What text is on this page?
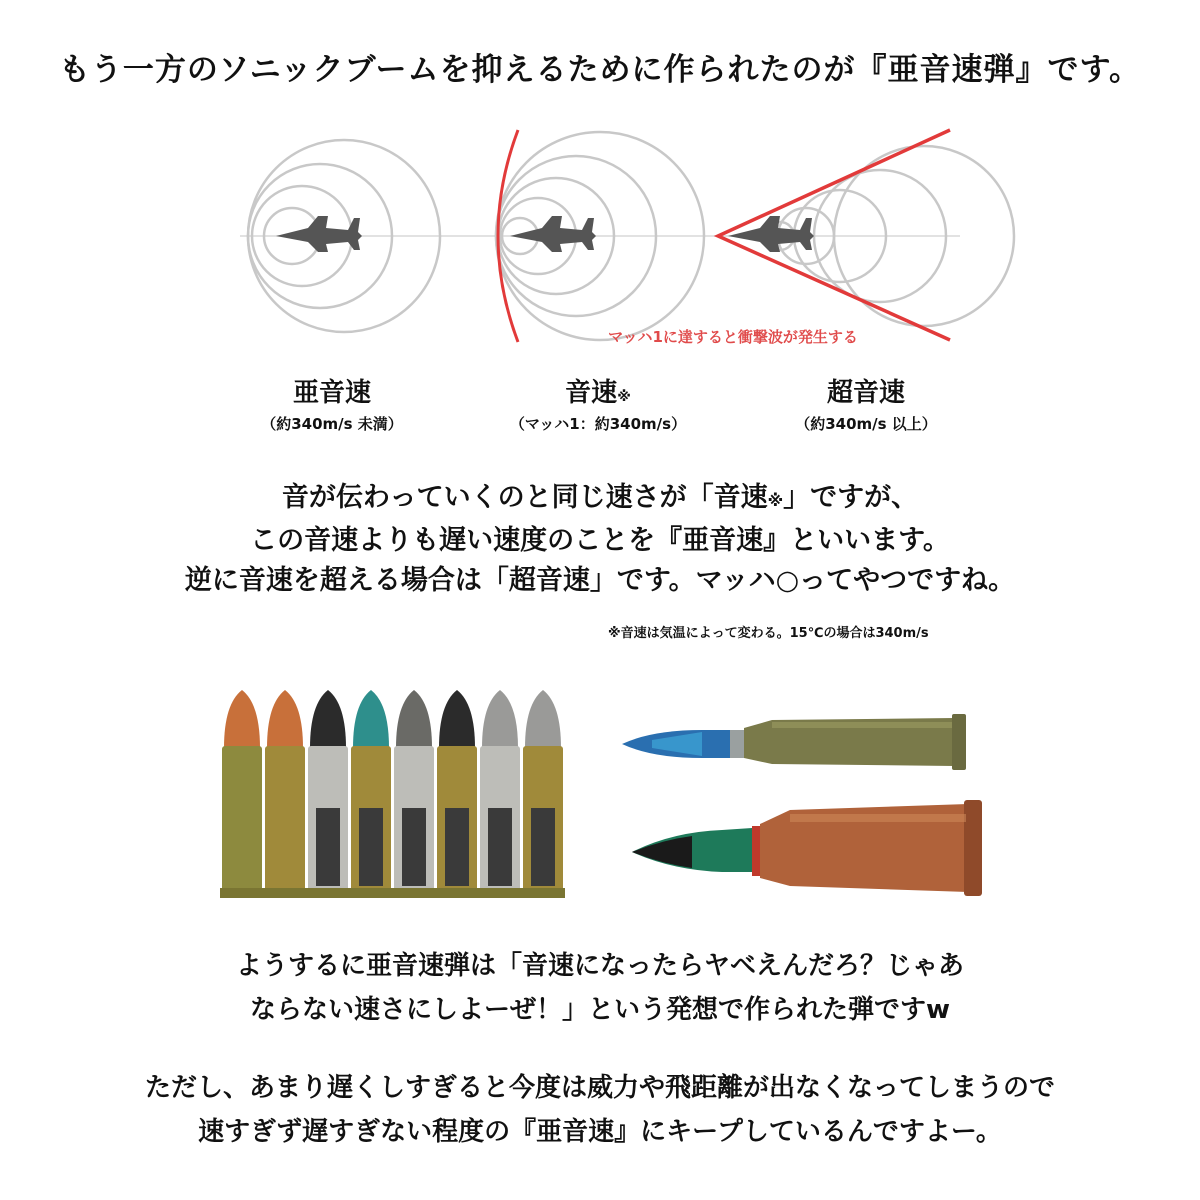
もう一方のソニックブームを抑えるために作られたのが『亜音速弾』です。
マッハ1に達すると衝撃波が発生する
亜音速
（約340m/s 未満）
音速※
（マッハ1：約340m/s）
超音速
（約340m/s 以上）
音が伝わっていくのと同じ速さが「音速※」ですが、
この音速よりも遅い速度のことを『亜音速』といいます。
逆に音速を超える場合は「超音速」です。マッハ○ってやつですね。
※音速は気温によって変わる。15℃の場合は340m/s
ようするに亜音速弾は「音速になったらヤベえんだろ？じゃあ
ならない速さにしよーぜ！」という発想で作られた弾ですw
ただし、あまり遅くしすぎると今度は威力や飛距離が出なくなってしまうので
速すぎず遅すぎない程度の『亜音速』にキープしているんですよー。
